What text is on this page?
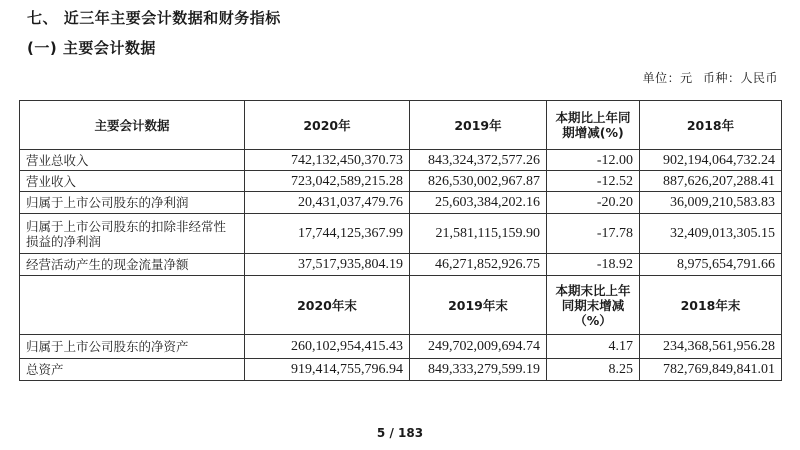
七、 近三年主要会计数据和财务指标
(一) 主要会计数据
单位：元 币种：人民币
主要会计数据	2020年	2019年	本期比上年同期增减(%)	2018年
营业总收入	742,132,450,370.73	843,324,372,577.26	-12.00	902,194,064,732.24
营业收入	723,042,589,215.28	826,530,002,967.87	-12.52	887,626,207,288.41
归属于上市公司股东的净利润	20,431,037,479.76	25,603,384,202.16	-20.20	36,009,210,583.83
归属于上市公司股东的扣除非经常性损益的净利润	17,744,125,367.99	21,581,115,159.90	-17.78	32,409,013,305.15
经营活动产生的现金流量净额	37,517,935,804.19	46,271,852,926.75	-18.92	8,975,654,791.66
	2020年末	2019年末	本期末比上年同期末增减（%）	2018年末
归属于上市公司股东的净资产	260,102,954,415.43	249,702,009,694.74	4.17	234,368,561,956.28
总资产	919,414,755,796.94	849,333,279,599.19	8.25	782,769,849,841.01
5 / 183
